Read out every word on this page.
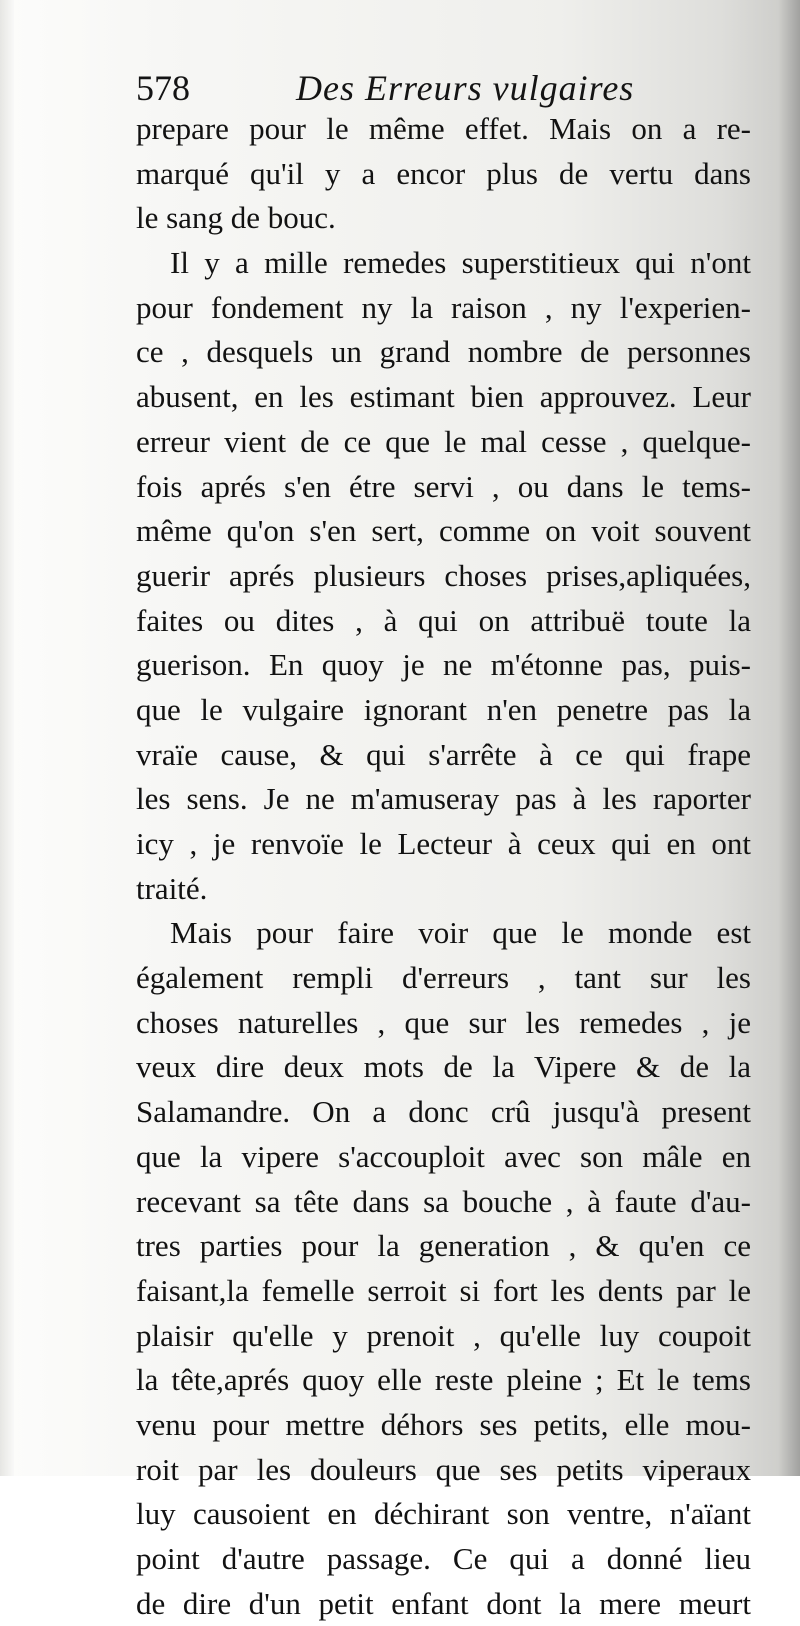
578	Des Erreurs vulgaires
prepare pour le même effet. Mais on a re-
marqué qu'il y a encor plus de vertu dans
le sang de bouc.
Il y a mille remedes superstitieux qui n'ont
pour fondement ny la raison , ny l'experien-
ce , desquels un grand nombre de personnes
abusent, en les estimant bien approuvez. Leur
erreur vient de ce que le mal cesse , quelque-
fois aprés s'en étre servi , ou dans le tems-
même qu'on s'en sert, comme on voit souvent
guerir aprés plusieurs choses prises,apliquées,
faites ou dites , à qui on attribuë toute la
guerison. En quoy je ne m'étonne pas, puis-
que le vulgaire ignorant n'en penetre pas la
vraïe cause, & qui s'arrête à ce qui frape
les sens. Je ne m'amuseray pas à les raporter
icy , je renvoïe le Lecteur à ceux qui en ont
traité.
Mais pour faire voir que le monde est
également rempli d'erreurs , tant sur les
choses naturelles , que sur les remedes , je
veux dire deux mots de la Vipere & de la
Salamandre. On a donc crû jusqu'à present
que la vipere s'accouploit avec son mâle en
recevant sa tête dans sa bouche , à faute d'au-
tres parties pour la generation , & qu'en ce
faisant,la femelle serroit si fort les dents par le
plaisir qu'elle y prenoit , qu'elle luy coupoit
la tête,aprés quoy elle reste pleine ; Et le tems
venu pour mettre déhors ses petits, elle mou-
roit par les douleurs que ses petits viperaux
luy causoient en déchirant son ventre, n'aïant
point d'autre passage. Ce qui a donné lieu
de dire d'un petit enfant dont la mere meurt
